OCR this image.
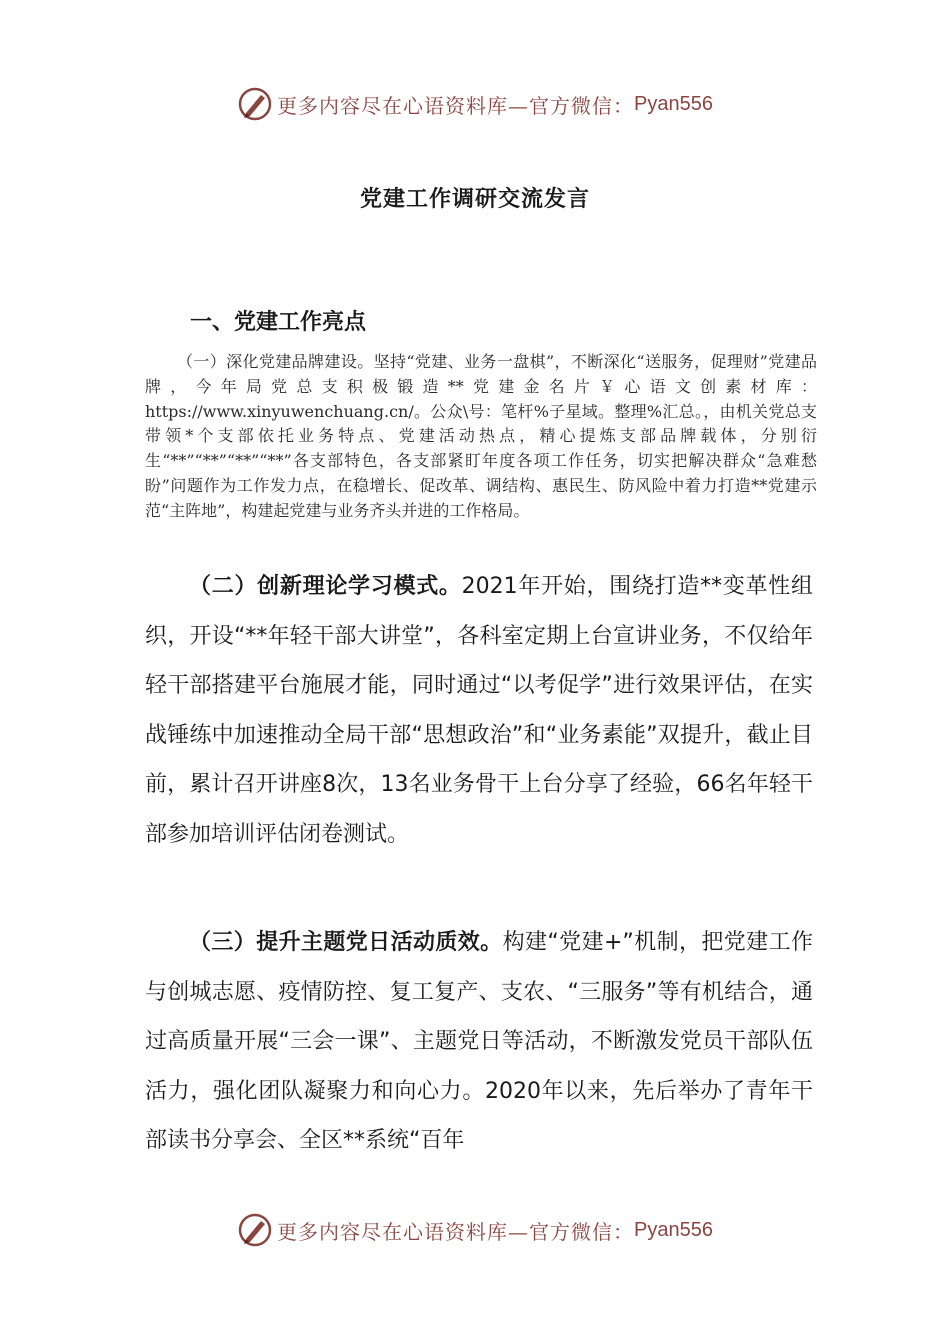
更多内容尽在心语资料库—官方微信： Pyan556
党建工作调研交流发言
一、党建工作亮点

（一）深化党建品牌建设。坚持“党建、业务一盘棋”，不断深化“送服务，促理财”党建品牌，今年局党总支积极锻造**党建金名片￥心语文创素材库：https://www.xinyuwenchuang.cn/。公众\号：笔杆%子星域。整理%汇总。，由机关党总支带领*个支部依托业务特点、党建活动热点，精心提炼支部品牌载体，分别衍生“**”“**”“**”“**”各支部特色，各支部紧盯年度各项工作任务，切实把解决群众“急难愁盼”问题作为工作发力点，在稳增长、促改革、调结构、惠民生、防风险中着力打造**党建示范“主阵地”，构建起党建与业务齐头并进的工作格局。

（二）创新理论学习模式。2021年开始，围绕打造**变革性组织，开设“**年轻干部大讲堂”，各科室定期上台宣讲业务，不仅给年轻干部搭建平台施展才能，同时通过“以考促学”进行效果评估，在实战锤练中加速推动全局干部“思想政治”和“业务素能”双提升，截止目前，累计召开讲座8次，13名业务骨干上台分享了经验，66名年轻干部参加培训评估闭卷测试。

（三）提升主题党日活动质效。构建“党建+”机制，把党建工作与创城志愿、疫情防控、复工复产、支农、“三服务”等有机结合，通过高质量开展“三会一课”、主题党日等活动，不断激发党员干部队伍活力，强化团队凝聚力和向心力。2020年以来，先后举办了青年干部读书分享会、全区**系统“百年

更多内容尽在心语资料库—官方微信： Pyan556
